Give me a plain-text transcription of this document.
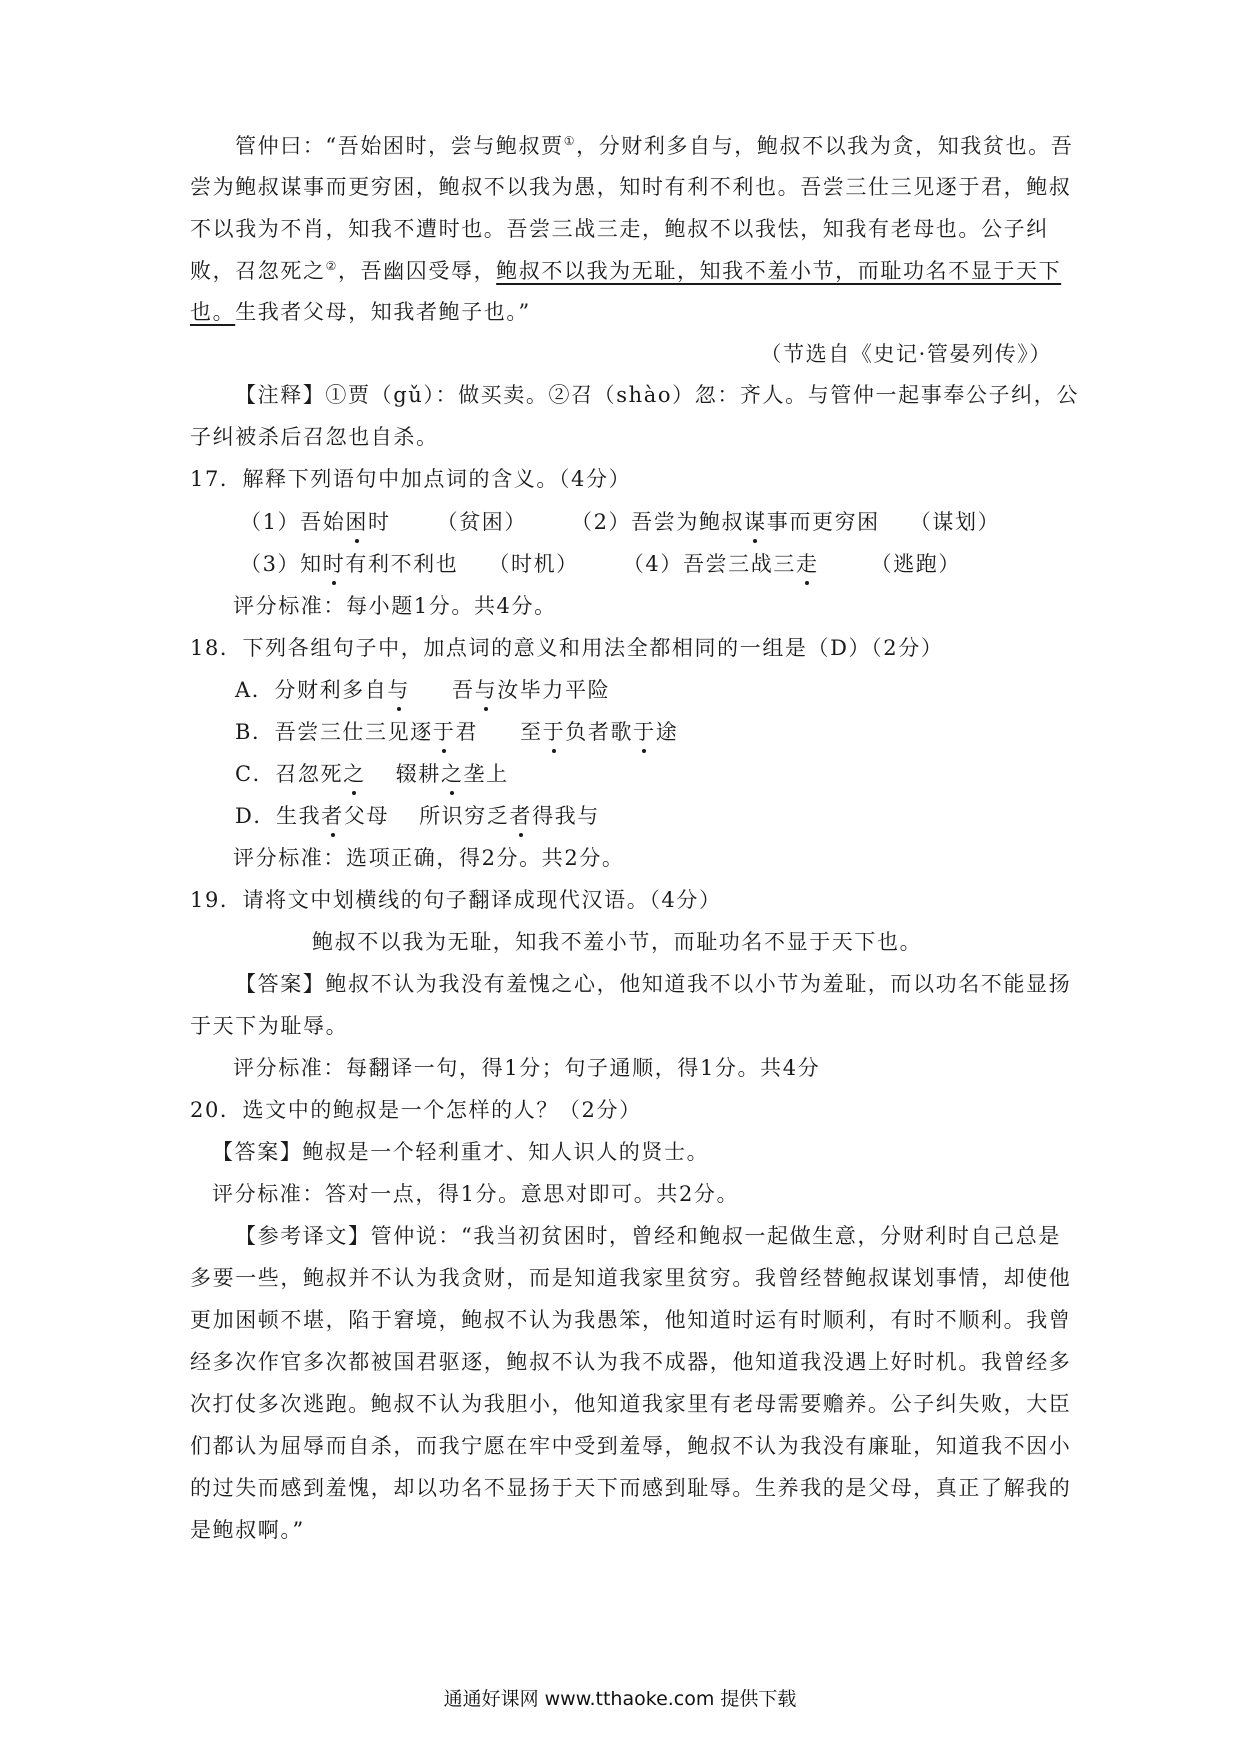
管仲曰：“吾始困时，尝与鲍叔贾①，分财利多自与，鲍叔不以我为贪，知我贫也。吾
尝为鲍叔谋事而更穷困，鲍叔不以我为愚，知时有利不利也。吾尝三仕三见逐于君，鲍叔
不以我为不肖，知我不遭时也。吾尝三战三走，鲍叔不以我怯，知我有老母也。公子纠
败，召忽死之②，吾幽囚受辱，鲍叔不以我为无耻，知我不羞小节，而耻功名不显于天下
也。生我者父母，知我者鲍子也。”
（节选自《史记·管晏列传》）
【注释】①贾（gǔ）：做买卖。②召（shào）忽：齐人。与管仲一起事奉公子纠，公
子纠被杀后召忽也自杀。
17．解释下列语句中加点词的含义。（4分）
（1）吾始困时 （贫困） （2）吾尝为鲍叔谋事而更穷困 （谋划）
（3）知时有利不利也 （时机） （4）吾尝三战三走 （逃跑）
评分标准：每小题1分。共4分。
18．下列各组句子中，加点词的意义和用法全都相同的一组是（D）（2分）
A．分财利多自与 吾与汝毕力平险
B．吾尝三仕三见逐于君 至于负者歌于途
C．召忽死之 辍耕之垄上
D．生我者父母 所识穷乏者得我与
评分标准：选项正确，得2分。共2分。
19．请将文中划横线的句子翻译成现代汉语。（4分）
鲍叔不以我为无耻，知我不羞小节，而耻功名不显于天下也。
【答案】鲍叔不认为我没有羞愧之心，他知道我不以小节为羞耻，而以功名不能显扬
于天下为耻辱。
评分标准：每翻译一句，得1分；句子通顺，得1分。共4分
20．选文中的鲍叔是一个怎样的人？（2分）
【答案】鲍叔是一个轻利重才、知人识人的贤士。
评分标准：答对一点，得1分。意思对即可。共2分。
【参考译文】管仲说：“我当初贫困时，曾经和鲍叔一起做生意，分财利时自己总是
多要一些，鲍叔并不认为我贪财，而是知道我家里贫穷。我曾经替鲍叔谋划事情，却使他
更加困顿不堪，陷于窘境，鲍叔不认为我愚笨，他知道时运有时顺利，有时不顺利。我曾
经多次作官多次都被国君驱逐，鲍叔不认为我不成器，他知道我没遇上好时机。我曾经多
次打仗多次逃跑。鲍叔不认为我胆小，他知道我家里有老母需要赡养。公子纠失败，大臣
们都认为屈辱而自杀，而我宁愿在牢中受到羞辱，鲍叔不认为我没有廉耻，知道我不因小
的过失而感到羞愧，却以功名不显扬于天下而感到耻辱。生养我的是父母，真正了解我的
是鲍叔啊。”
通通好课网 www.tthaoke.com 提供下载
